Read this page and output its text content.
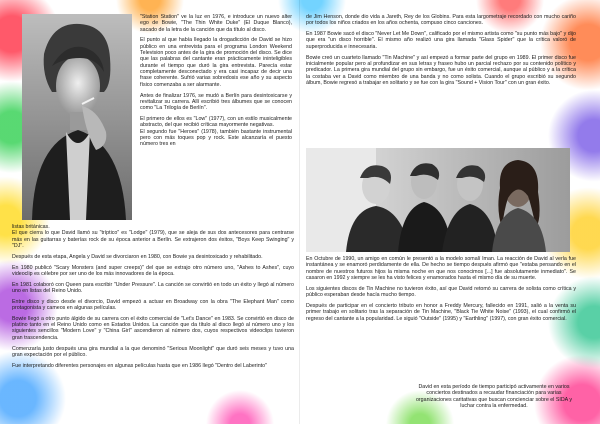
"Station Station" ve la luz en 1976, e introduce un nuevo alter ego de Bowie, "The Thin White Duke" (El Duque Blanco), sacado de la letra de la canción que da título al disco.

El punto al que había llegado la drogadicción de David se hizo público en una entrevista para el programa London Weekend Television poco antes de la gira de promoción del disco. Se dice que las palabras del cantante eran prácticamente ininteligibles durante el tiempo que duró la gira entrevista. Parecía estar completamente desconectado y era casi incapaz de decir una frase coherente. Sufrió varias sobredosis ese año y su aspecto físico comenzaba a ser alarmante.

Antes de finalizar 1976, se mudó a Berlín para desintoxicarse y revitalizar su carrera. Allí escribió tres álbumes que se conocen como "La Trilogía de Berlín".

El primero de ellos es "Low" (1977), con un estilo musicalmente abstracto, del que recibió críticas mayormente negativas.

El segundo fue "Heroes" (1978), también bastante instrumental pero con más toques pop y rock. Este alcanzaría el puesto número tres en

listas británicas.

El que cierra lo que David llamó su "tríptico" es "Lodge" (1979), que se aleja de sus dos antecesores para centrarse más en las guitarras y baterías rock de su época anterior a Berlín. Se extrajeron dos éxitos, "Boys Keep Swinging" y "DJ".

Después de esta etapa, Angela y David se divorciaron en 1980, con Bowie ya desintoxicado y rehabilitado.

En 1980 publicó "Scary Monsters (and super creeps)" del que se extrajo otro número uno, "Ashes to Ashes", cuyo videoclip es célebre por ser uno de los más innovadores de la época.

En 1981 colaboró con Queen para escribir "Under Pressure". La canción se convirtió en todo un éxito y llegó al número uno en listas del Reino Unido.

Entre disco y disco desde el divorcio, David empezó a actuar en Broadway con la obra "The Elephant Man" como protagonista y cameos en algunas películas.

Bowie llegó a otro punto álgido de su carrera con el éxito comercial de "Let's Dance" en 1983. Se convirtió en disco de platino tanto en el Reino Unido como en Estados Unidos. La canción que da título al disco llegó al número uno y los siguientes sencillos "Modern Love" y "China Girl" ascendieron al número dos, cuyos respectivos videoclips tuvieron gran trascendencia.

Comenzaría justo después una gira mundial a la que denominó "Serious Moonlight" que duró seis meses y tuvo una gran expectación por el público.

Fue interpretando diferentes personajes en algunas películas hasta que en 1986 llegó "Dentro del Laberinto"

de Jim Henson, donde dio vida a Jareth, Rey de los Globins. Para esta largometraje recordado con mucho cariño por todos los niños criados en los años ochenta, compuso cinco canciones.

En 1987 Bowie sacó el disco "Never Let Me Down", calificado por el mismo artista como "su punto más bajo" y dijo que era "un disco horrible". El mismo año realizó una gira llamada "Glass Spider" que la crítica valoró de superproducida e innecesaria.

Bowie creó un cuarteto llamado "Tin Machine" y así empezó a formar parte del grupo en 1989. El primer disco fue inicialmente popular pero al profundizar en sus letras y fraseo hubo un parcial rechazo por su contenido político y predicador. La primera gira mundial del grupo sin embargo, fue un éxito comercial, aunque al público y a la crítica la costaba ver a David como miembro de una banda y no como solista. Cuando el grupo escribió su segundo álbum, Bowie regresó a trabajar en solitario y se fue con la gira "Sound + Vision Tour" con un gran éxito.

En Octubre de 1990, un amigo en común le presentó a la modelo somalí Iman. La reacción de David al verla fue instantánea y se enamoró perdidamente de ella. De hecho se tiempo después afirmó que "estaba pensando en el nombre de nuestros futuros hijos la misma noche en que nos conocimos [...] fue absolutamente inmediato". Se casaron en 1992 y siempre se les ha visto felices y enamorados hasta el mismo día de su muerte.

Los siguientes discos de Tin Machine no tuvieron éxito, así que David retomó su carrera de solista como crítica y público esperaban desde hacía mucho tiempo.

Después de participar en el concierto tributo en honor a Freddy Mercury, fallecido en 1991, salió a la venta su primer trabajo en solitario tras la separación de Tin Machine, "Black Tie White Noise" (1993), el cual confirmó el regreso del cantante a la popularidad. Le siguió "Outside" (1995) y "Earthling" (1997), con gran éxito comercial.

David en esta período de tiempo participó activamente en varios conciertos destinados a recaudar financiación para varias organizaciones caritativas que buscan concienciar sobre el SIDA y luchar contra la enfermedad.
